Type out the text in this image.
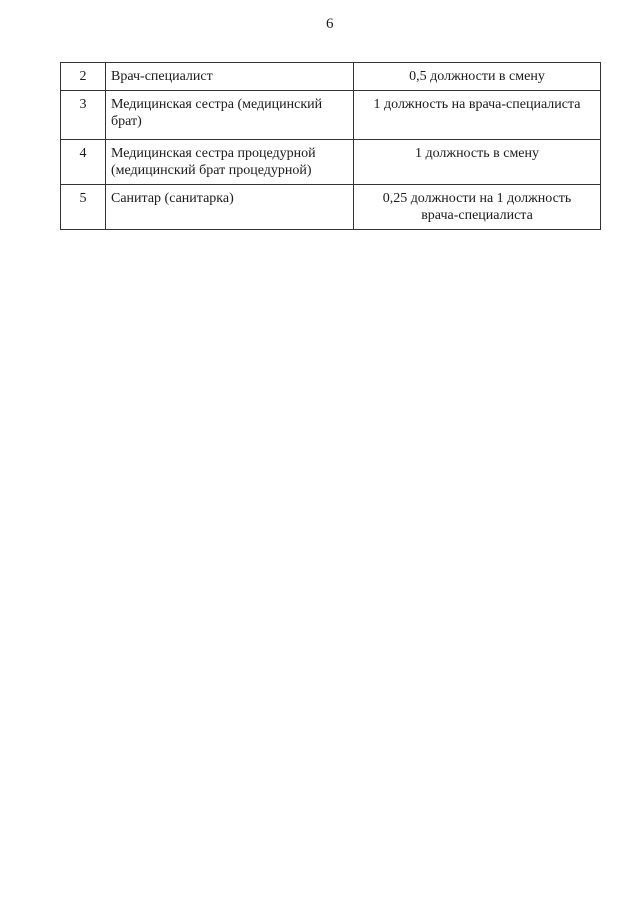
6
2	Врач-специалист	0,5 должности в смену
3	Медицинская сестра (медицинский брат)	1 должность на врача-специалиста
4	Медицинская сестра процедурной (медицинский брат процедурной)	1 должность в смену
5	Санитар (санитарка)	0,25 должности на 1 должность врача-специалиста
